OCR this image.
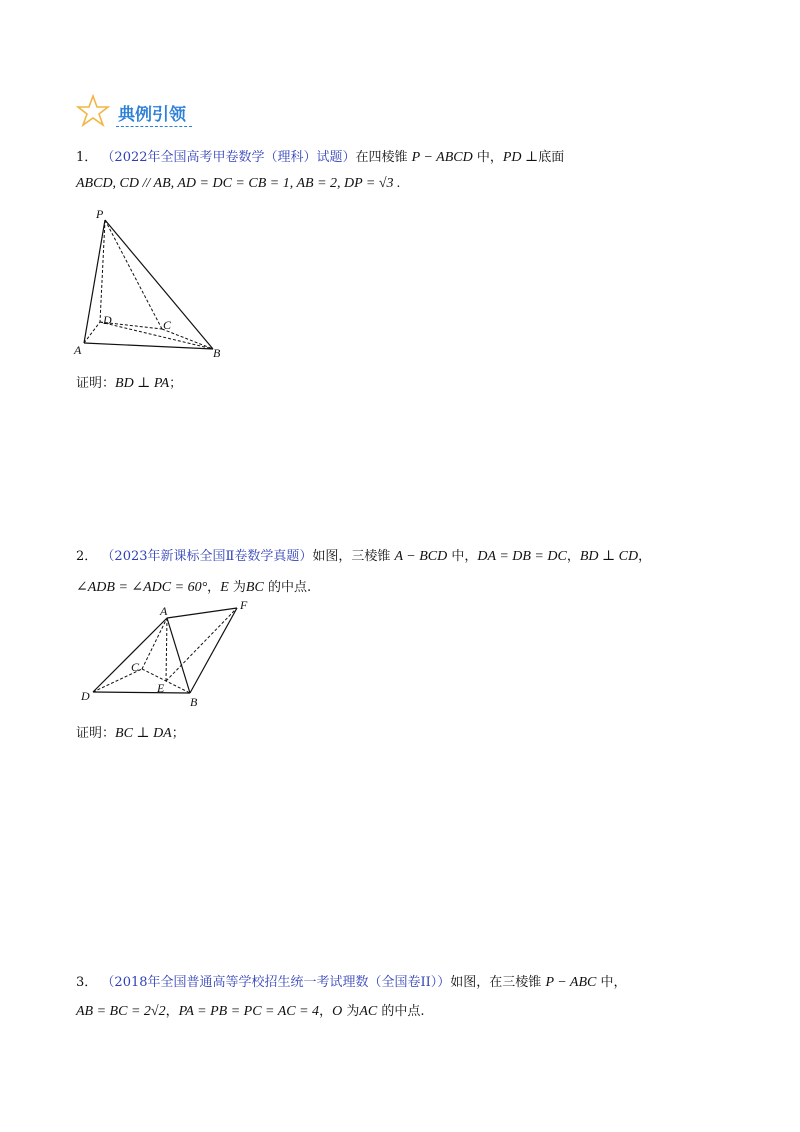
典例引领
1． （2022年全国高考甲卷数学（理科）试题）在四棱锥 P − ABCD 中，PD ⊥底面
ABCD, CD // AB, AD = DC = CB = 1, AB = 2, DP = √3 .
P
D	C
A	B
证明：BD ⊥ PA；
2． （2023年新课标全国Ⅱ卷数学真题）如图，三棱锥 A − BCD 中，DA = DB = DC，BD ⊥ CD，
∠ADB = ∠ADC = 60°，E 为BC 的中点.
A	F
C
D
E
B
证明：BC ⊥ DA；
3． （2018年全国普通高等学校招生统一考试理数（全国卷II））如图，在三棱锥 P − ABC 中，
AB = BC = 2√2，PA = PB = PC = AC = 4，O 为AC 的中点.
